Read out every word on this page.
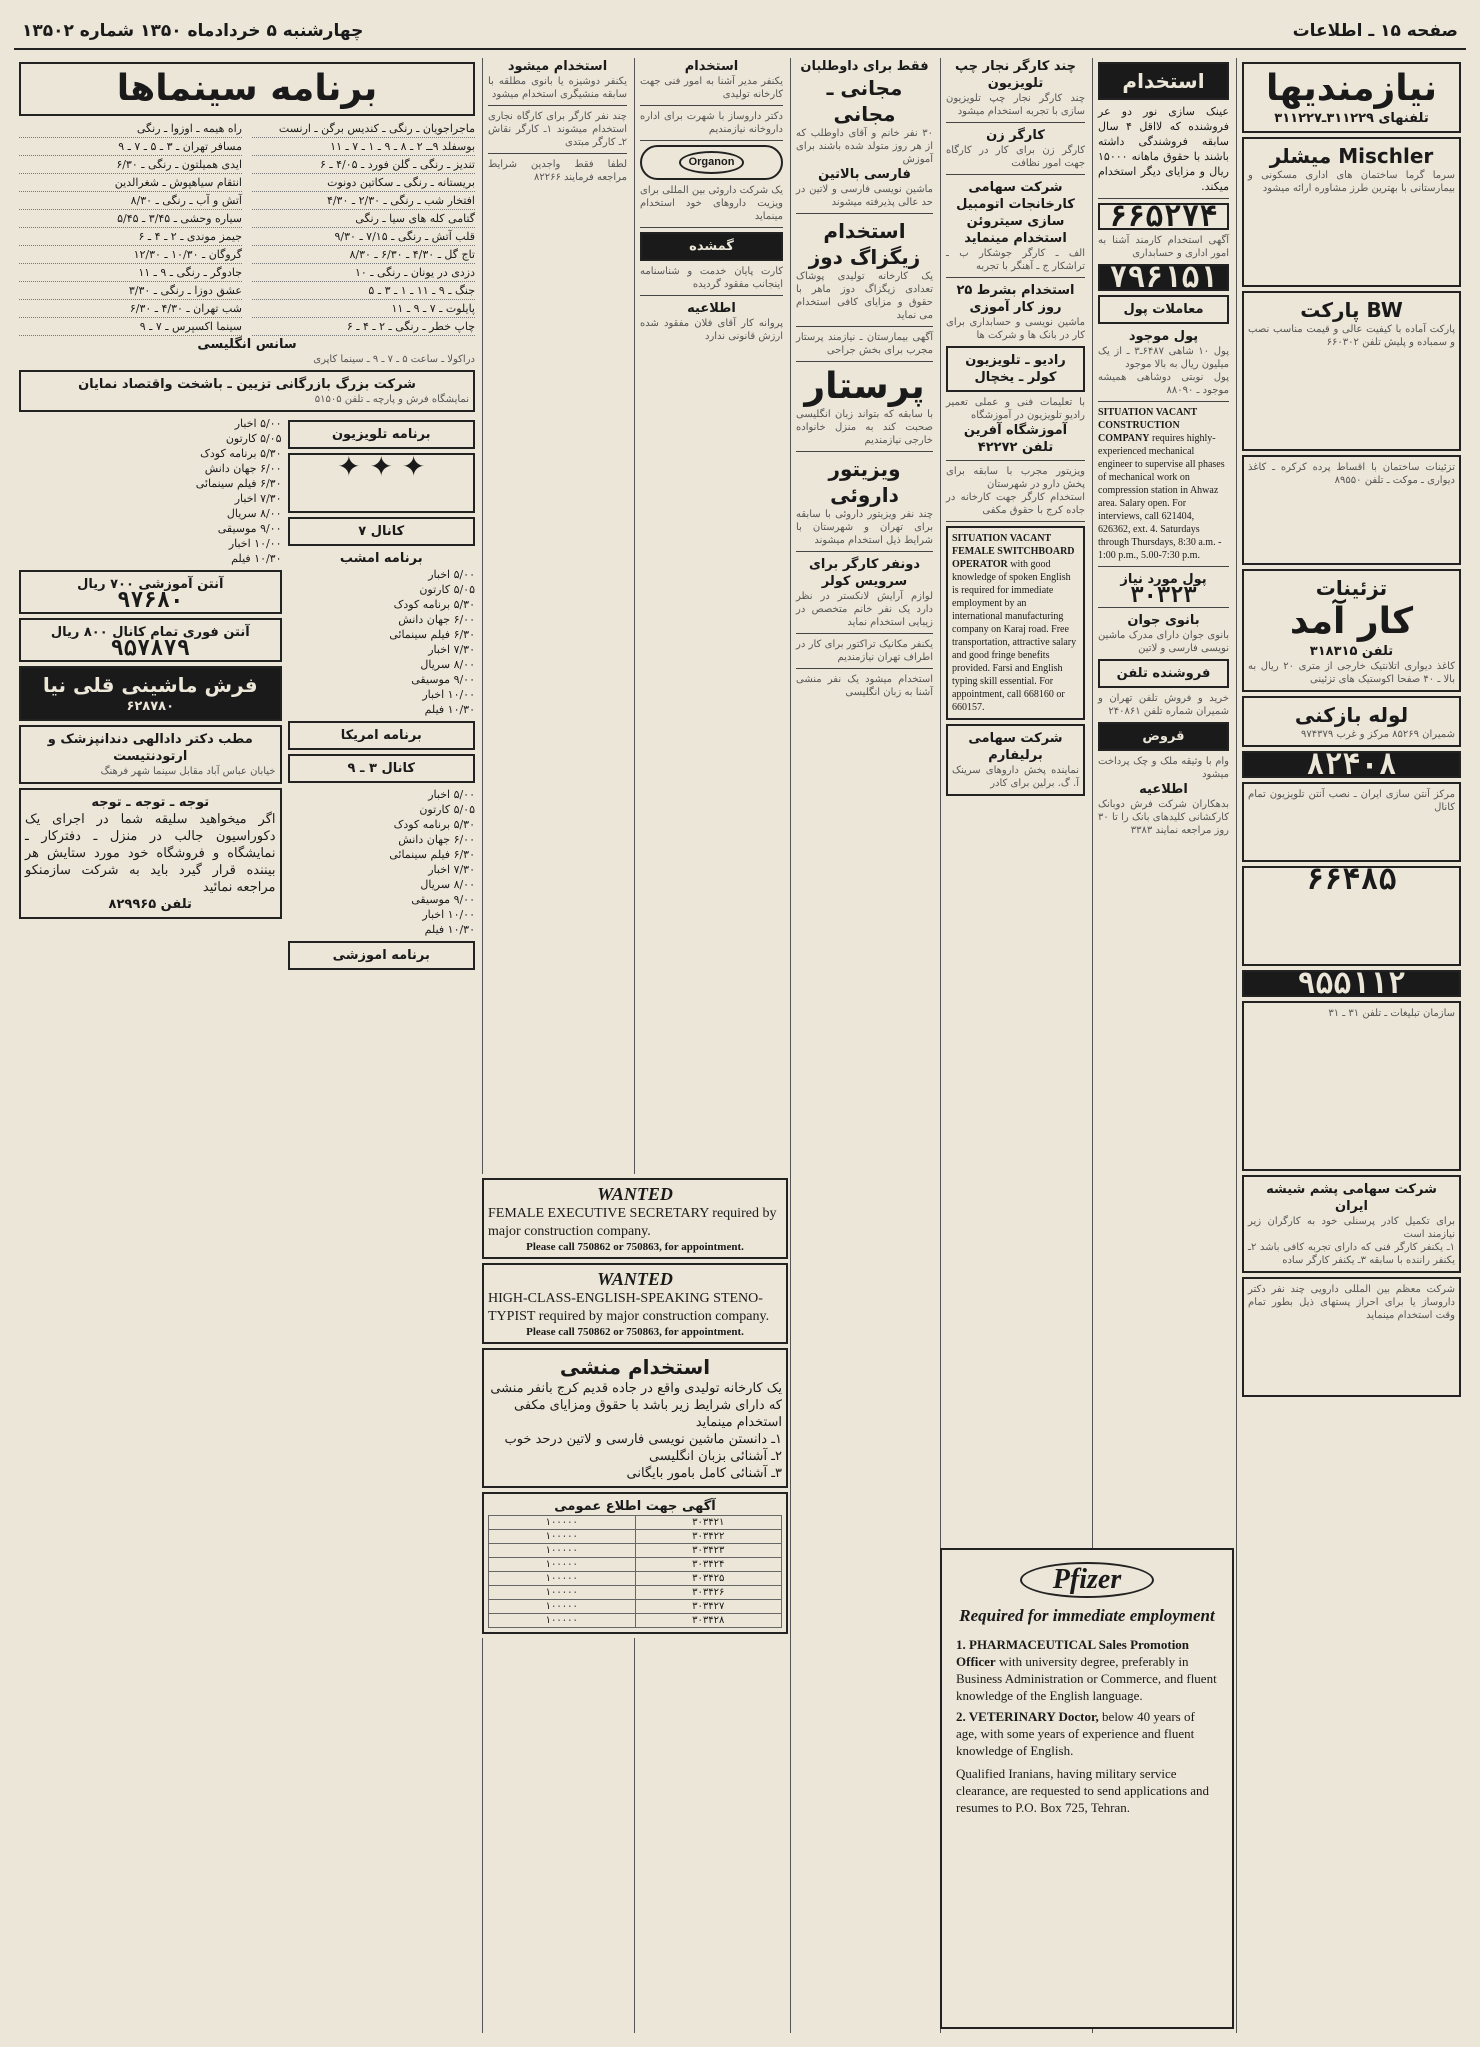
صفحه ۱۵ ـ اطلاعات
چهارشنبه ۵ خردادماه ۱۳۵۰ شماره ۱۳۵۰۲
نیازمندیها
تلفنهای ۳۱۱۲۲۹ـ۳۱۱۲۲۷
Mischler میشلر
سرما گرما ساختمان های اداری مسکونی و بیمارستانی با بهترین طرز مشاوره ارائه میشود
BW پارکت
پارکت آماده با کیفیت عالی و قیمت مناسب نصب و سمباده و پلیش تلفن ۶۶۰۳۰۲
تزئینات ساختمان با اقساط پرده کرکره ـ کاغذ دیواری ـ موکت ـ تلفن ۸۹۵۵۰
تزئینات
کار آمد
تلفن ۳۱۸۳۱۵
کاغذ دیواری اتلانتیک خارجی از متری ۲۰ ریال به بالا ـ ۴۰ صفحا اکوستیک های تزئینی
لوله بازکنی
شمیران ۸۵۲۶۹ مرکز و غرب ۹۷۴۳۷۹
۸۲۴۰۸
مرکز آنتن سازی ایران ـ نصب آنتن تلویزیون تمام کانال
۶۶۴۸۵
۹۵۵۱۱۲
سازمان تبلیغات ـ تلفن ۳۱ ـ ۳۱
شرکت سهامی پشم شیشه ایران
برای تکمیل کادر پرسنلی خود به کارگران زیر نیازمند است
۱ـ یکنفر کارگر فنی که دارای تجربه کافی باشد ۲ـ یکنفر راننده با سابقه ۳ـ یکنفر کارگر ساده
شرکت معظم بین المللی دارویی چند نفر دکتر داروساز یا برای احراز پستهای ذیل بطور تمام وقت استخدام مینماید
استخدام
عینک سازی نور دو عر فروشنده که لااقل ۴ سال سابقه فروشندگی داشته باشند با حقوق ماهانه ۱۵۰۰۰ ریال و مزایای دیگر استخدام میکند.
۶۶۵۲۷۴
آگهی استخدام کارمند آشنا به امور اداری و حسابداری
۷۹۶۱۵۱
معاملات پول
پول موجود
پول ۱۰ شاهی ۶۴۸۷ـ۳ ـ از یک میلیون ریال به بالا موجود
پول نوبتی دوشاهی همیشه موجود ـ ۸۸۰۹۰
SITUATION VACANT CONSTRUCTION COMPANY requires highly-experienced mechanical engineer to supervise all phases of mechanical work on compression station in Ahwaz area. Salary open. For interviews, call 621404, 626362, ext. 4. Saturdays through Thursdays, 8:30 a.m. - 1:00 p.m., 5.00-7:30 p.m.
پول مورد نیاز
۳۰۳۲۳
بانوی جوان
بانوی جوان دارای مدرک ماشین نویسی فارسی و لاتین
فروشنده تلفن
خرید و فروش تلفن تهران و شمیران شماره تلفن ۲۴۰۸۶۱
قروض
وام با وثیقه ملک و چک پرداخت میشود
اطلاعیه
بدهکاران شرکت فرش دوبانک کارکشانی کلیدهای بانک را تا ۳۰ روز مراجعه نمایند ۳۳۸۳
چند کارگر نجار چپ تلویزیون
چند کارگر نجار چپ تلویزیون سازی با تجربه استخدام میشود
کارگر زن
کارگر زن برای کار در کارگاه جهت امور نظافت
شرکت سهامی کارخانجات اتومبیل سازی سیتروئن استخدام مینماید
الف ـ کارگر جوشکار ب ـ تراشکار ج ـ آهنگر با تجربه
استخدام بشرط ۲۵ روز کار آموزی
ماشین نویسی و حسابداری برای کار در بانک ها و شرکت ها
رادیو ـ تلویزیون کولر ـ یخچال
با تعلیمات فنی و عملی تعمیر رادیو تلویزیون در آموزشگاه
آموزشگاه آفرین
تلفن ۴۲۲۷۲
ویزیتور مجرب با سابقه برای پخش دارو در شهرستان
استخدام کارگر جهت کارخانه در جاده کرج با حقوق مکفی
SITUATION VACANT FEMALE SWITCHBOARD OPERATOR with good knowledge of spoken English is required for immediate employment by an international manufacturing company on Karaj road. Free transportation, attractive salary and good fringe benefits provided. Farsi and English typing skill essential. For appointment, call 668160 or 660157.
شرکت سهامی برلیفارم
نماینده پخش داروهای سرینک آ. گ. برلین برای کادر
Pfizer
Required for immediate employment

1. PHARMACEUTICAL Sales Promotion Officer with university degree, preferably in Business Administration or Commerce, and fluent knowledge of the English language.

2. VETERINARY Doctor, below 40 years of age, with some years of experience and fluent knowledge of English.

Qualified Iranians, having military service clearance, are requested to send applications and resumes to P.O. Box 725, Tehran.

فقط برای داوطلبان
مجانی ـ مجانی
۳۰ نفر خانم و آقای داوطلب که از هر روز متولد شده باشند برای آموزش
فارسی بالاتین
ماشین نویسی فارسی و لاتین در حد عالی پذیرفته میشوند
استخدام زیگزاگ دوز
یک کارخانه تولیدی پوشاک تعدادی زیگزاگ دوز ماهر با حقوق و مزایای کافی استخدام می نماید
آگهی بیمارستان ـ نیازمند پرستار مجرب برای بخش جراحی
پرستار
با سابقه که بتواند زبان انگلیسی صحبت کند به منزل خانواده خارجی نیازمندیم
ویزیتور داروئی
چند نفر ویزیتور داروئی با سابقه برای تهران و شهرستان با شرایط ذیل استخدام میشوند
دونفر کارگر برای سرویس کولر
لوازم آرایش لانکستر در نظر دارد یک نفر خانم متخصص در زیبایی استخدام نماید
یکنفر مکانیک تراکتور برای کار در اطراف تهران نیازمندیم
استخدام میشود یک نفر منشی آشنا به زبان انگلیسی
استخدام
یکنفر مدیر آشنا به امور فنی جهت کارخانه تولیدی
دکتر داروساز با شهرت برای اداره داروخانه نیازمندیم
Organon
یک شرکت داروئی بین المللی برای ویزیت داروهای خود استخدام مینماید
گمشده
کارت پایان خدمت و شناسنامه اینجانب مفقود گردیده
اطلاعیه
پروانه کار آقای فلان مفقود شده ارزش قانونی ندارد
استخدام میشود
یکنفر دوشیزه یا بانوی مطلقه با سابقه منشیگری استخدام میشود
چند نفر کارگر برای کارگاه نجاری استخدام میشوند ۱ـ کارگر نقاش ۲ـ کارگر مبتدی
لطفا فقط واجدین شرایط مراجعه فرمایند ۸۲۲۶۶
WANTED
FEMALE EXECUTIVE SECRETARY required by major construction company.
Please call 750862 or 750863, for appointment.
WANTED
HIGH-CLASS-ENGLISH-SPEAKING STENO-TYPIST required by major construction company.
Please call 750862 or 750863, for appointment.
استخدام منشی
یک کارخانه تولیدی واقع در جاده قدیم کرج بانفر منشی که دارای شرایط زیر باشد با حقوق ومزایای مکفی استخدام مینماید
۱ـ دانستن ماشین نویسی فارسی و لاتین درحد خوب
۲ـ آشنائی بزبان انگلیسی
۳ـ آشنائی کامل بامور بایگانی
آگهی جهت اطلاع عمومی
۳۰۳۴۲۱	۱۰۰۰۰۰
۳۰۳۴۲۲	۱۰۰۰۰۰
۳۰۳۴۲۳	۱۰۰۰۰۰
۳۰۳۴۲۴	۱۰۰۰۰۰
۳۰۳۴۲۵	۱۰۰۰۰۰
۳۰۳۴۲۶	۱۰۰۰۰۰
۳۰۳۴۲۷	۱۰۰۰۰۰
۳۰۳۴۲۸	۱۰۰۰۰۰
برنامه سینماها
ماجراجویان ـ رنگی ـ کندیس برگن ـ ارنست
بوسفلد ۹ــ ۲ ـ ۸ ـ ۹ ـ ۱ ـ ۷ ـ ۱۱
تندیز ـ رنگی ـ گلن فورد ـ ۴/۰۵ ـ ۶
بریستانه ـ رنگی ـ سکاتین دونوت
افتخار شب ـ رنگی ـ ۲/۳۰ ـ ۴/۳۰
گتامی کله های سیا ـ رنگی
قلب آتش ـ رنگی ـ ۷/۱۵ ـ ۹/۳۰
تاج گل ـ ۴/۳۰ ـ ۶/۳۰ ـ ۸/۳۰
دزدی در یونان ـ رنگی ـ ۱۰
جنگ ـ ۹ ـ ۱۱ ـ ۱ ـ ۳ ـ ۵
پایلوت ـ ۷ ـ ۹ ـ ۱۱
چاپ خطر ـ رنگی ـ ۲ ـ ۴ ـ ۶
راه هیمه ـ اوزوا ـ رنگی
مسافر تهران ـ ۳ ـ ۵ ـ ۷ ـ ۹
ایدی همیلتون ـ رنگی ـ ۶/۳۰
انتقام سیاهپوش ـ شغرالدین
آتش و آب ـ رنگی ـ ۸/۳۰
سیاره وحشی ـ ۳/۴۵ ـ ۵/۴۵
جیمز موندی ـ ۲ ـ ۴ ـ ۶
گروگان ـ ۱۰/۳۰ ـ ۱۲/۳۰
جادوگر ـ رنگی ـ ۹ ـ ۱۱
عشق دوزا ـ رنگی ـ ۳/۳۰
شب تهران ـ ۴/۳۰ ـ ۶/۳۰
سینما اکسپرس ـ ۷ ـ ۹
سانس انگلیسی
دراکولا ـ ساعت ۵ ـ ۷ ـ ۹ ـ سینما کاپری
شرکت بزرگ بازرگانی تزیین ـ باشخت واقتصاد نمایان
نمایشگاه فرش و پارچه ـ تلفن ۵۱۵۰۵
برنامه تلویزیون
✦ ✦ ✦
کانال ۷
برنامه امشب
۵/۰۰ اخبار
۵/۰۵ کارتون
۵/۳۰ برنامه کودک
۶/۰۰ جهان دانش
۶/۳۰ فیلم سینمائی
۷/۳۰ اخبار
۸/۰۰ سریال
۹/۰۰ موسیقی
۱۰/۰۰ اخبار
۱۰/۳۰ فیلم
برنامه امریکا
کانال ۳ ـ ۹
۵/۰۰ اخبار
۵/۰۵ کارتون
۵/۳۰ برنامه کودک
۶/۰۰ جهان دانش
۶/۳۰ فیلم سینمائی
۷/۳۰ اخبار
۸/۰۰ سریال
۹/۰۰ موسیقی
۱۰/۰۰ اخبار
۱۰/۳۰ فیلم
برنامه اموزشی
۵/۰۰ اخبار
۵/۰۵ کارتون
۵/۳۰ برنامه کودک
۶/۰۰ جهان دانش
۶/۳۰ فیلم سینمائی
۷/۳۰ اخبار
۸/۰۰ سریال
۹/۰۰ موسیقی
۱۰/۰۰ اخبار
۱۰/۳۰ فیلم
آنتن آموزشی ۷۰۰ ریال
۹۷۶۸۰
آنتن فوری تمام کانال ۸۰۰ ریال
۹۵۷۸۷۹
فرش ماشینی قلی نیا
۶۲۸۷۸۰
مطب دکتر دادالهی دندانپزشک و ارتودنتیست
خیابان عباس آباد مقابل سینما شهر فرهنگ
توجه ـ توجه ـ توجه
اگر میخواهید سلیقه شما در اجرای یک دکوراسیون جالب در منزل ـ دفترکار ـ نمایشگاه و فروشگاه خود مورد ستایش هر بیننده قرار گیرد باید به شرکت سازمنکو مراجعه نمائید
تلفن ۸۲۹۹۶۵
